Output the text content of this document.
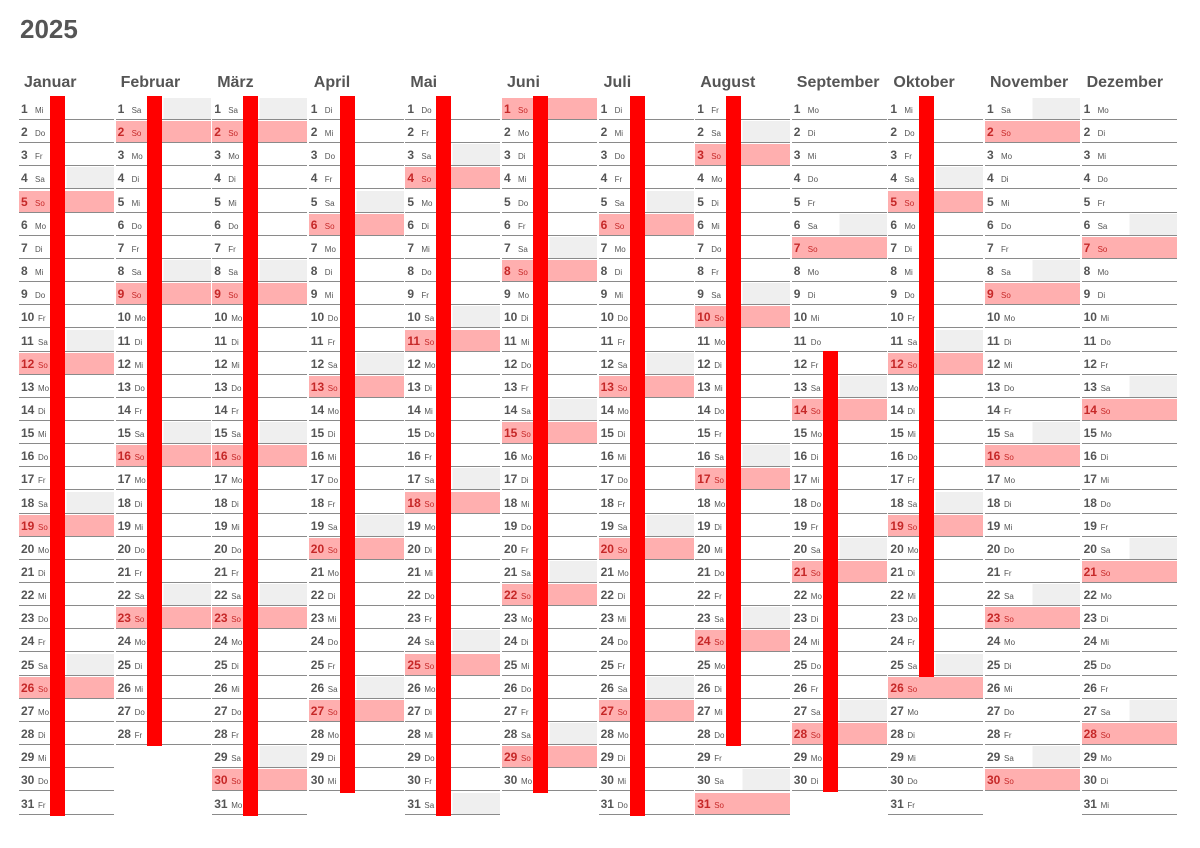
2025
Januar
1 Mi
2 Do
3 Fr
4 Sa
5 So
6 Mo
7 Di
8 Mi
9 Do
10 Fr
11 Sa
12 So
13 Mo
14 Di
15 Mi
16 Do
17 Fr
18 Sa
19 So
20 Mo
21 Di
22 Mi
23 Do
24 Fr
25 Sa
26 So
27 Mo
28 Di
29 Mi
30 Do
31 Fr
Februar
1 Sa
2 So
3 Mo
4 Di
5 Mi
6 Do
7 Fr
8 Sa
9 So
10 Mo
11 Di
12 Mi
13 Do
14 Fr
15 Sa
16 So
17 Mo
18 Di
19 Mi
20 Do
21 Fr
22 Sa
23 So
24 Mo
25 Di
26 Mi
27 Do
28 Fr
März
1 Sa
2 So
3 Mo
4 Di
5 Mi
6 Do
7 Fr
8 Sa
9 So
10 Mo
11 Di
12 Mi
13 Do
14 Fr
15 Sa
16 So
17 Mo
18 Di
19 Mi
20 Do
21 Fr
22 Sa
23 So
24 Mo
25 Di
26 Mi
27 Do
28 Fr
29 Sa
30 So
31 Mo
April
1 Di
2 Mi
3 Do
4 Fr
5 Sa
6 So
7 Mo
8 Di
9 Mi
10 Do
11 Fr
12 Sa
13 So
14 Mo
15 Di
16 Mi
17 Do
18 Fr
19 Sa
20 So
21 Mo
22 Di
23 Mi
24 Do
25 Fr
26 Sa
27 So
28 Mo
29 Di
30 Mi
Mai
1 Do
2 Fr
3 Sa
4 So
5 Mo
6 Di
7 Mi
8 Do
9 Fr
10 Sa
11 So
12 Mo
13 Di
14 Mi
15 Do
16 Fr
17 Sa
18 So
19 Mo
20 Di
21 Mi
22 Do
23 Fr
24 Sa
25 So
26 Mo
27 Di
28 Mi
29 Do
30 Fr
31 Sa
Juni
1 So
2 Mo
3 Di
4 Mi
5 Do
6 Fr
7 Sa
8 So
9 Mo
10 Di
11 Mi
12 Do
13 Fr
14 Sa
15 So
16 Mo
17 Di
18 Mi
19 Do
20 Fr
21 Sa
22 So
23 Mo
24 Di
25 Mi
26 Do
27 Fr
28 Sa
29 So
30 Mo
Juli
1 Di
2 Mi
3 Do
4 Fr
5 Sa
6 So
7 Mo
8 Di
9 Mi
10 Do
11 Fr
12 Sa
13 So
14 Mo
15 Di
16 Mi
17 Do
18 Fr
19 Sa
20 So
21 Mo
22 Di
23 Mi
24 Do
25 Fr
26 Sa
27 So
28 Mo
29 Di
30 Mi
31 Do
August
1 Fr
2 Sa
3 So
4 Mo
5 Di
6 Mi
7 Do
8 Fr
9 Sa
10 So
11 Mo
12 Di
13 Mi
14 Do
15 Fr
16 Sa
17 So
18 Mo
19 Di
20 Mi
21 Do
22 Fr
23 Sa
24 So
25 Mo
26 Di
27 Mi
28 Do
29 Fr
30 Sa
31 So
September
1 Mo
2 Di
3 Mi
4 Do
5 Fr
6 Sa
7 So
8 Mo
9 Di
10 Mi
11 Do
12 Fr
13 Sa
14 So
15 Mo
16 Di
17 Mi
18 Do
19 Fr
20 Sa
21 So
22 Mo
23 Di
24 Mi
25 Do
26 Fr
27 Sa
28 So
29 Mo
30 Di
Oktober
1 Mi
2 Do
3 Fr
4 Sa
5 So
6 Mo
7 Di
8 Mi
9 Do
10 Fr
11 Sa
12 So
13 Mo
14 Di
15 Mi
16 Do
17 Fr
18 Sa
19 So
20 Mo
21 Di
22 Mi
23 Do
24 Fr
25 Sa
26 So
27 Mo
28 Di
29 Mi
30 Do
31 Fr
November
1 Sa
2 So
3 Mo
4 Di
5 Mi
6 Do
7 Fr
8 Sa
9 So
10 Mo
11 Di
12 Mi
13 Do
14 Fr
15 Sa
16 So
17 Mo
18 Di
19 Mi
20 Do
21 Fr
22 Sa
23 So
24 Mo
25 Di
26 Mi
27 Do
28 Fr
29 Sa
30 So
Dezember
1 Mo
2 Di
3 Mi
4 Do
5 Fr
6 Sa
7 So
8 Mo
9 Di
10 Mi
11 Do
12 Fr
13 Sa
14 So
15 Mo
16 Di
17 Mi
18 Do
19 Fr
20 Sa
21 So
22 Mo
23 Di
24 Mi
25 Do
26 Fr
27 Sa
28 So
29 Mo
30 Di
31 Mi
